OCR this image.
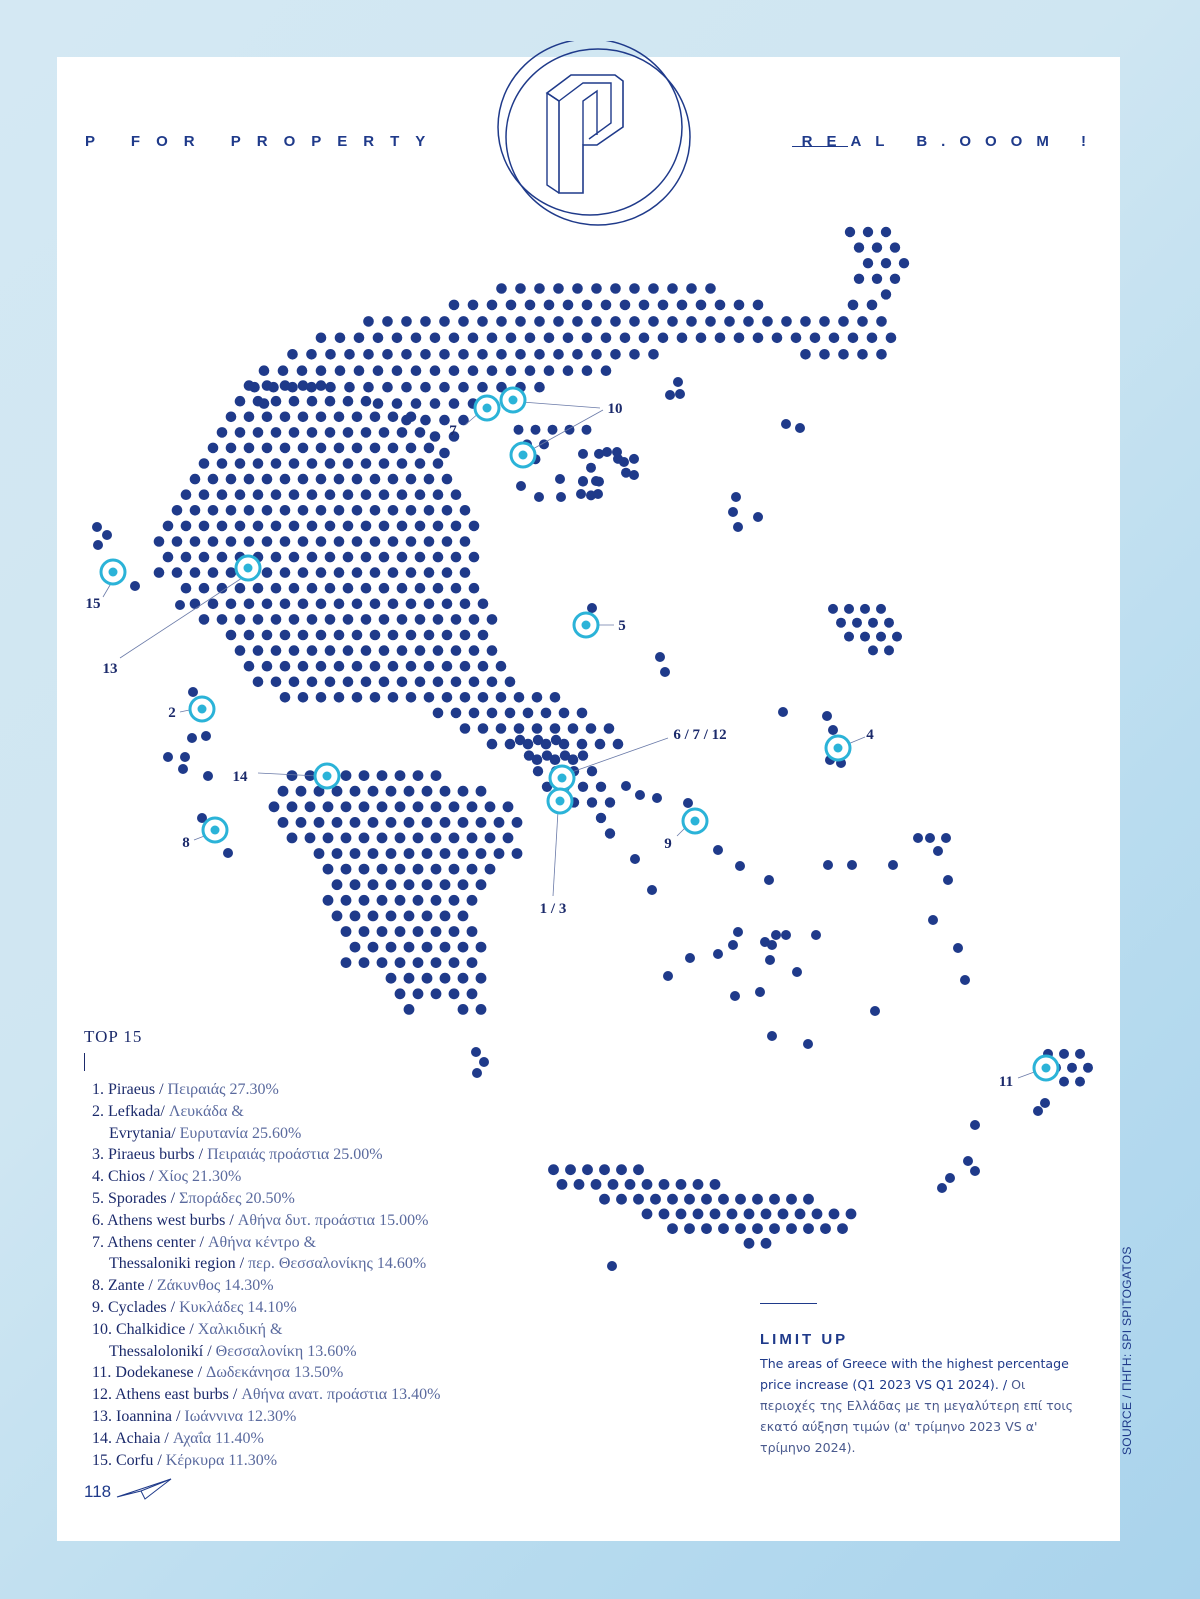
P FOR PROPERTY	REAL B.OOOM !
15
13
2
14
8
7
10
5
6 / 7 / 12	4
9
1 / 3
11
TOP 15
1. Piraeus / Πειραιάς 27.30%
2. Lefkada/ Λευκάδα &
Evrytania/ Ευρυτανία 25.60%
3. Piraeus burbs / Πειραιάς προάστια 25.00%
4. Chios / Χίος 21.30%
5. Sporades / Σποράδες 20.50%
6. Athens west burbs / Αθήνα δυτ. προάστια 15.00%
7. Athens center / Αθήνα κέντρο &
Thessaloniki region / περ. Θεσσαλονίκης 14.60%
8. Zante / Ζάκυνθος 14.30%
9. Cyclades / Κυκλάδες 14.10%
10. Chalkidice / Χαλκιδική &
Thessalolonikí / Θεσσαλονίκη 13.60%
11. Dodekanese / Δωδεκάνησα 13.50%
12. Athens east burbs / Αθήνα ανατ. προάστια 13.40%
13. Ioannina / Ιωάννινα 12.30%
14. Achaia / Αχαΐα 11.40%
15. Corfu / Κέρκυρα 11.30%
LIMIT UP
The areas of Greece with the highest percentage price increase (Q1 2023 VS Q1 2024). / Οι περιοχές της Ελλάδας με τη μεγαλύτερη επί τοις εκατό αύξηση τιμών (α' τρίμηνο 2023 VS α' τρίμηνο 2024).
118
SOURCE / ΠΗΓΗ: SPI SPITOGATOS
